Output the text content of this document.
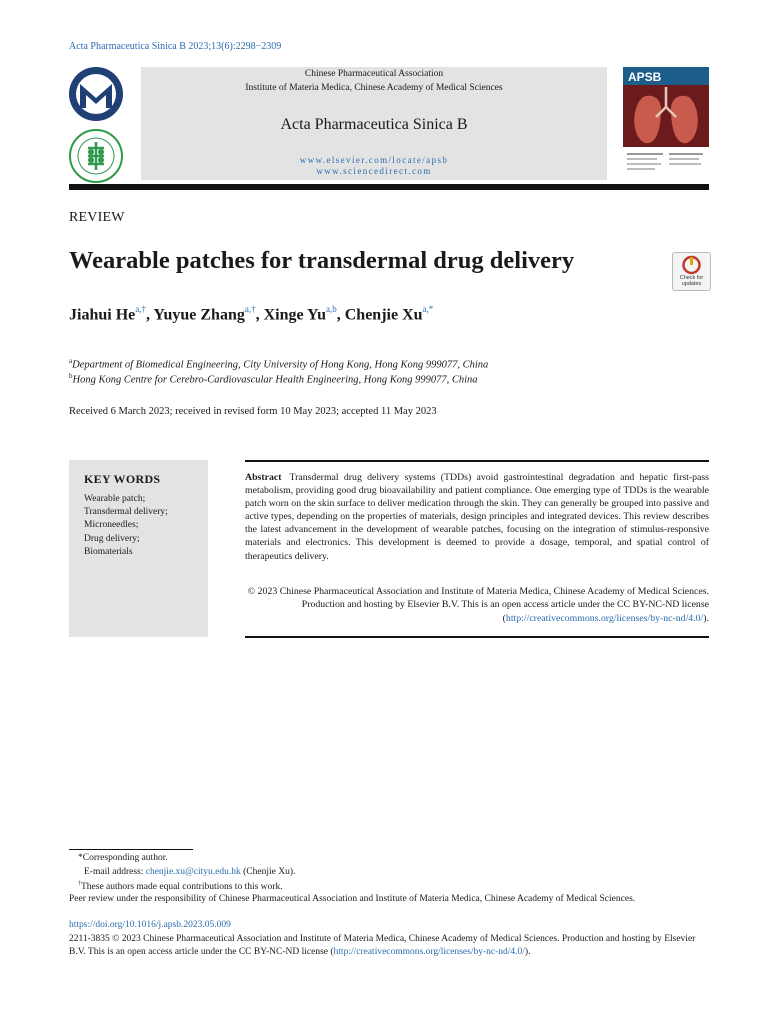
Acta Pharmaceutica Sinica B 2023;13(6):2298−2309
Chinese Pharmaceutical Association
Institute of Materia Medica, Chinese Academy of Medical Sciences
Acta Pharmaceutica Sinica B
www.elsevier.com/locate/apsb
www.sciencedirect.com
APSB
REVIEW
Wearable patches for transdermal drug delivery
Check for updates
Jiahui $He^{a,\dagger}$, Yuyue Zhang$^{a,\dagger}$, Xinge Yu$^{a,b}$, Chenjie $Xu^{a,*}$
$^a$Department of Biomedical Engineering, City University of Hong Kong, Hong Kong 999077, China
$^b$Hong Kong Centre for Cerebro-Cardiovascular Health Engineering, Hong Kong 999077, China
Received 6 March 2023; received in revised form 10 May 2023; accepted 11 May 2023
KEY WORDS
Wearable patch;
Transdermal delivery;
Microneedles;
Drug delivery;
Biomaterials

Abstract Transdermal drug delivery systems (TDDs) avoid gastrointestinal degradation and hepatic first-pass metabolism, providing good drug bioavailability and patient compliance. One emerging type of TDDs is the wearable patch worn on the skin surface to deliver medication through the skin. They can generally be grouped into passive and active types, depending on the properties of materials, design principles and integrated devices. This review describes the latest advancement in the development of wearable patches, focusing on the integration of stimulus-responsive materials and electronics. This development is deemed to provide a dosage, temporal, and spatial control of therapeutics delivery.

© 2023 Chinese Pharmaceutical Association and Institute of Materia Medica, Chinese Academy of Medical Sciences. Production and hosting by Elsevier B.V. This is an open access article under the CC BY-NC-ND license (http://creativecommons.org/licenses/by-nc-nd/4.0/).

*Corresponding author.
E-mail address: chenjie.xu@cityu.edu.hk (Chenjie Xu).
†These authors made equal contributions to this work.
Peer review under the responsibility of Chinese Pharmaceutical Association and Institute of Materia Medica, Chinese Academy of Medical Sciences.
https://doi.org/10.1016/j.apsb.2023.05.009

2211-3835 © 2023 Chinese Pharmaceutical Association and Institute of Materia Medica, Chinese Academy of Medical Sciences. Production and hosting by Elsevier B.V. This is an open access article under the CC BY-NC-ND license (http://creativecommons.org/licenses/by-nc-nd/4.0/).
